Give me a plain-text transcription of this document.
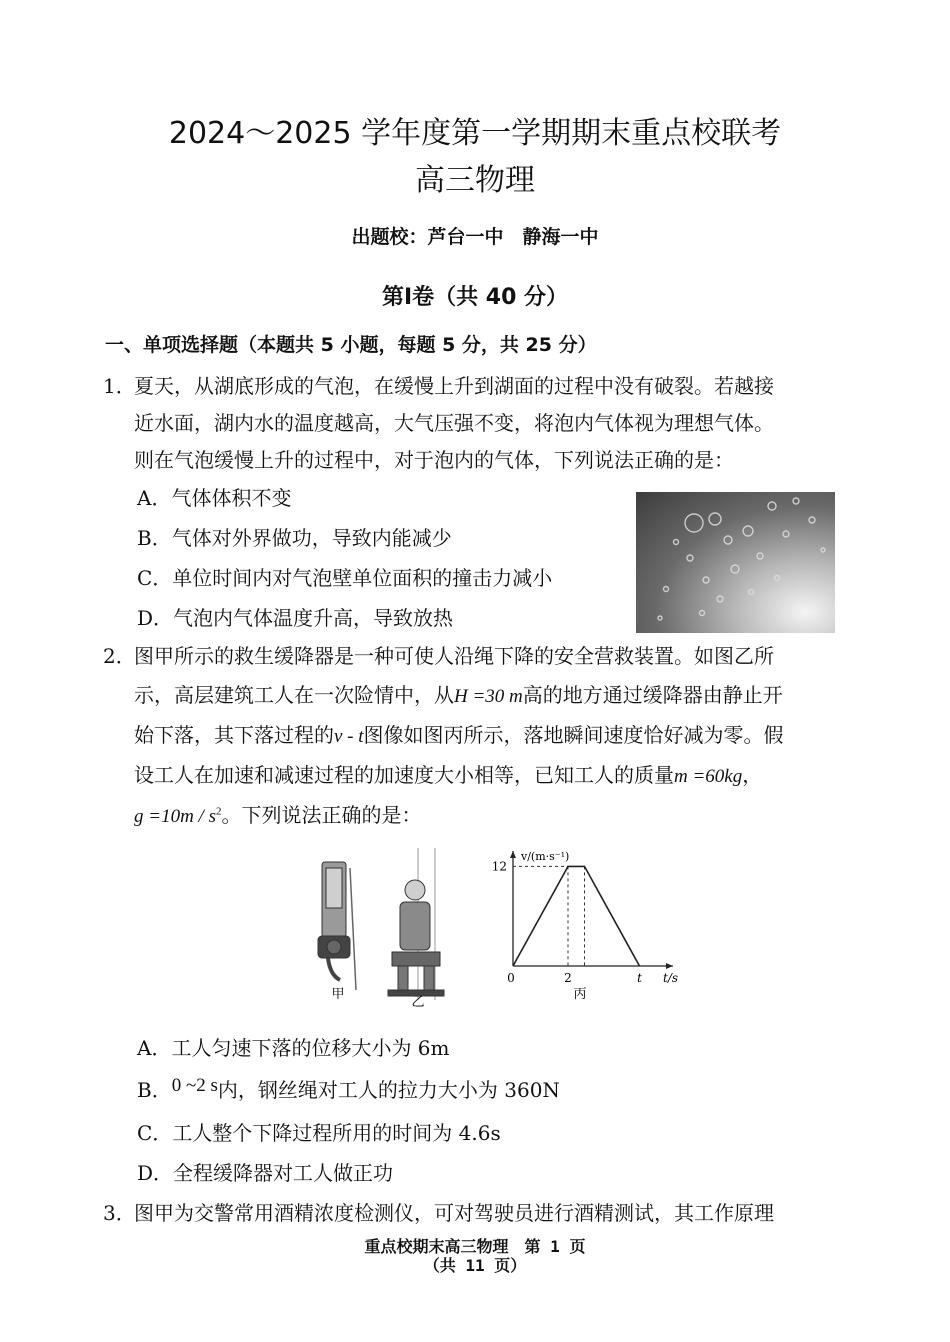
2024～2025 学年度第一学期期末重点校联考
高三物理
出题校：芦台一中　静海一中
第Ⅰ卷（共 40 分）
一、单项选择题（本题共 5 小题，每题 5 分，共 25 分）
1．
夏天，从湖底形成的气泡，在缓慢上升到湖面的过程中没有破裂。若越接
近水面，湖内水的温度越高，大气压强不变，将泡内气体视为理想气体。
则在气泡缓慢上升的过程中，对于泡内的气体，下列说法正确的是：
A．气体体积不变
B．气体对外界做功，导致内能减少
C．单位时间内对气泡壁单位面积的撞击力减小
D．气泡内气体温度升高，导致放热
2．
图甲所示的救生缓降器是一种可使人沿绳下降的安全营救装置。如图乙所
示，高层建筑工人在一次险情中，从H =30 m高的地方通过缓降器由静止开
始下落，其下落过程的v - t图像如图丙所示，落地瞬间速度恰好减为零。假
设工人在加速和减速过程的加速度大小相等，已知工人的质量m =60kg，
$g =10m / s^2$。下列说法正确的是：
v/(m·s⁻¹)
t/s
12
0	2	t
甲
乙
丙
A．工人匀速下落的位移大小为 6m
B．0 ~2 s内，钢丝绳对工人的拉力大小为 360N
C．工人整个下降过程所用的时间为 4.6s
D．全程缓降器对工人做正功
3．
图甲为交警常用酒精浓度检测仪，可对驾驶员进行酒精测试，其工作原理
重点校期末高三物理　第 1 页
（共 11 页）
